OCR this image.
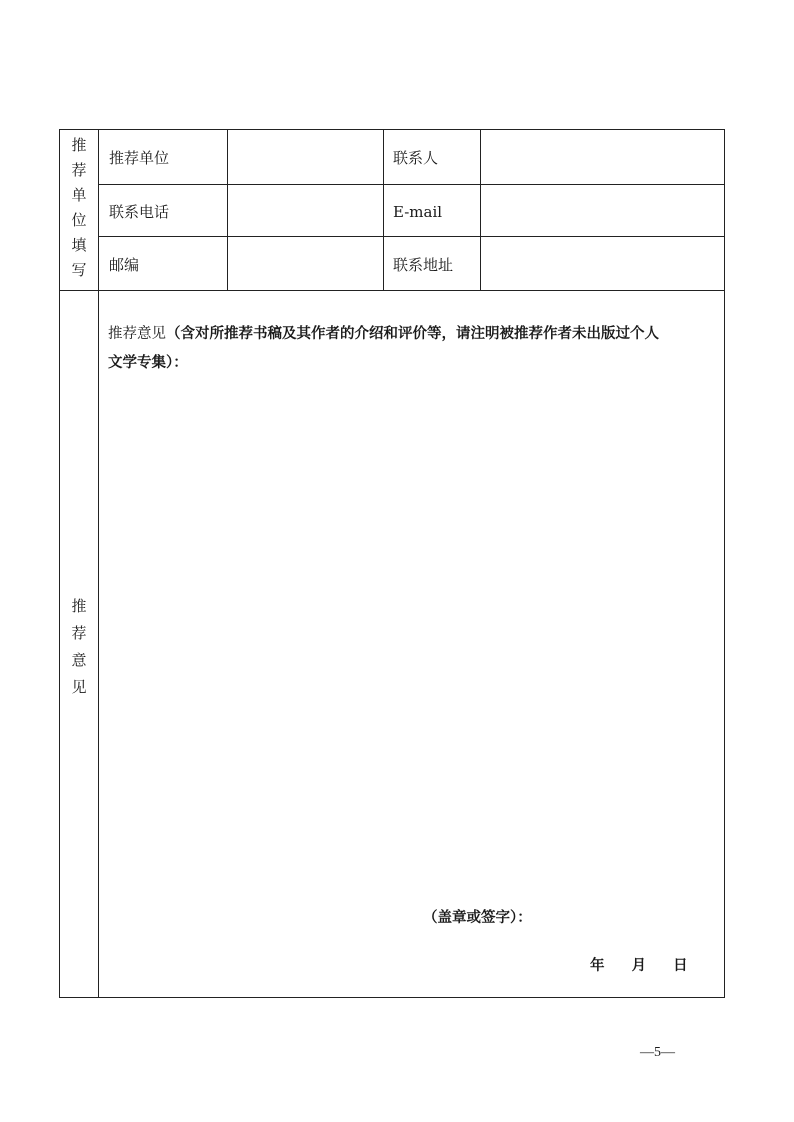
推
荐
单
位
填
写
推荐单位	联系人
联系电话	E-mail
邮编	联系地址
推
荐
意
见
推荐意见（含对所推荐书稿及其作者的介绍和评价等，请注明被推荐作者未出版过个人
文学专集）：
（盖章或签字）：
年 月 日
—5—
